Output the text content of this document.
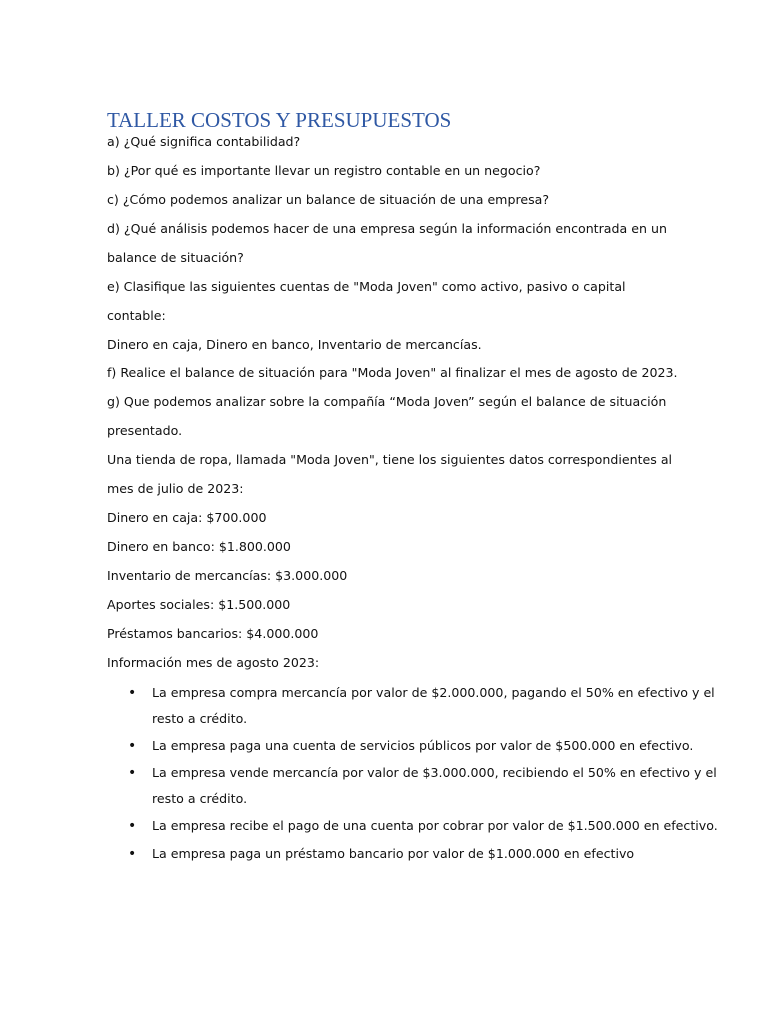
TALLER COSTOS Y PRESUPUESTOS

a) ¿Qué significa contabilidad?

b) ¿Por qué es importante llevar un registro contable en un negocio?

c) ¿Cómo podemos analizar un balance de situación de una empresa?

d) ¿Qué análisis podemos hacer de una empresa según la información encontrada en un

balance de situación?

e) Clasifique las siguientes cuentas de "Moda Joven" como activo, pasivo o capital

contable:

Dinero en caja, Dinero en banco, Inventario de mercancías.

f) Realice el balance de situación para "Moda Joven" al finalizar el mes de agosto de 2023.

g) Que podemos analizar sobre la compañía “Moda Joven” según el balance de situación

presentado.

Una tienda de ropa, llamada "Moda Joven", tiene los siguientes datos correspondientes al

mes de julio de 2023:

Dinero en caja: $700.000

Dinero en banco: $1.800.000

Inventario de mercancías: $3.000.000

Aportes sociales: $1.500.000

Préstamos bancarios: $4.000.000

Información mes de agosto 2023:

• La empresa compra mercancía por valor de $2.000.000, pagando el 50% en efectivo y el

resto a crédito.

• La empresa paga una cuenta de servicios públicos por valor de $500.000 en efectivo.

• La empresa vende mercancía por valor de $3.000.000, recibiendo el 50% en efectivo y el

resto a crédito.

• La empresa recibe el pago de una cuenta por cobrar por valor de $1.500.000 en efectivo.

• La empresa paga un préstamo bancario por valor de $1.000.000 en efectivo
